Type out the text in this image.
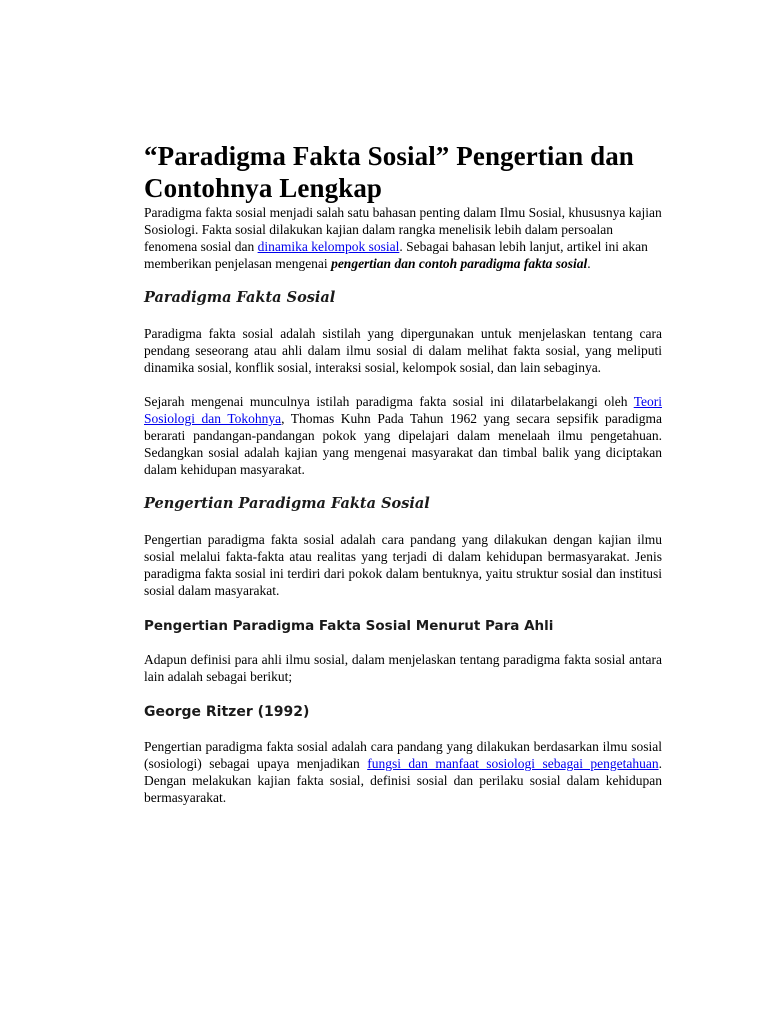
“Paradigma Fakta Sosial” Pengertian dan Contohnya Lengkap

Paradigma fakta sosial menjadi salah satu bahasan penting dalam Ilmu Sosial, khususnya kajian Sosiologi. Fakta sosial dilakukan kajian dalam rangka menelisik lebih dalam persoalan fenomena sosial dan dinamika kelompok sosial. Sebagai bahasan lebih lanjut, artikel ini akan memberikan penjelasan mengenai pengertian dan contoh paradigma fakta sosial.

Paradigma Fakta Sosial

Paradigma fakta sosial adalah sistilah yang dipergunakan untuk menjelaskan tentang cara pendang seseorang atau ahli dalam ilmu sosial di dalam melihat fakta sosial, yang meliputi dinamika sosial, konflik sosial, interaksi sosial, kelompok sosial, dan lain sebaginya.

Sejarah mengenai munculnya istilah paradigma fakta sosial ini dilatarbelakangi oleh Teori Sosiologi dan Tokohnya, Thomas Kuhn Pada Tahun 1962 yang secara sepsifik paradigma berarati pandangan-pandangan pokok yang dipelajari dalam menelaah ilmu pengetahuan. Sedangkan sosial adalah kajian yang mengenai masyarakat dan timbal balik yang diciptakan dalam kehidupan masyarakat.

Pengertian Paradigma Fakta Sosial

Pengertian paradigma fakta sosial adalah cara pandang yang dilakukan dengan kajian ilmu sosial melalui fakta-fakta atau realitas yang terjadi di dalam kehidupan bermasyarakat. Jenis paradigma fakta sosial ini terdiri dari pokok dalam bentuknya, yaitu struktur sosial dan institusi sosial dalam masyarakat.

Pengertian Paradigma Fakta Sosial Menurut Para Ahli

Adapun definisi para ahli ilmu sosial, dalam menjelaskan tentang paradigma fakta sosial antara lain adalah sebagai berikut;

George Ritzer (1992)

Pengertian paradigma fakta sosial adalah cara pandang yang dilakukan berdasarkan ilmu sosial (sosiologi) sebagai upaya menjadikan fungsi dan manfaat sosiologi sebagai pengetahuan. Dengan melakukan kajian fakta sosial, definisi sosial dan perilaku sosial dalam kehidupan bermasyarakat.
